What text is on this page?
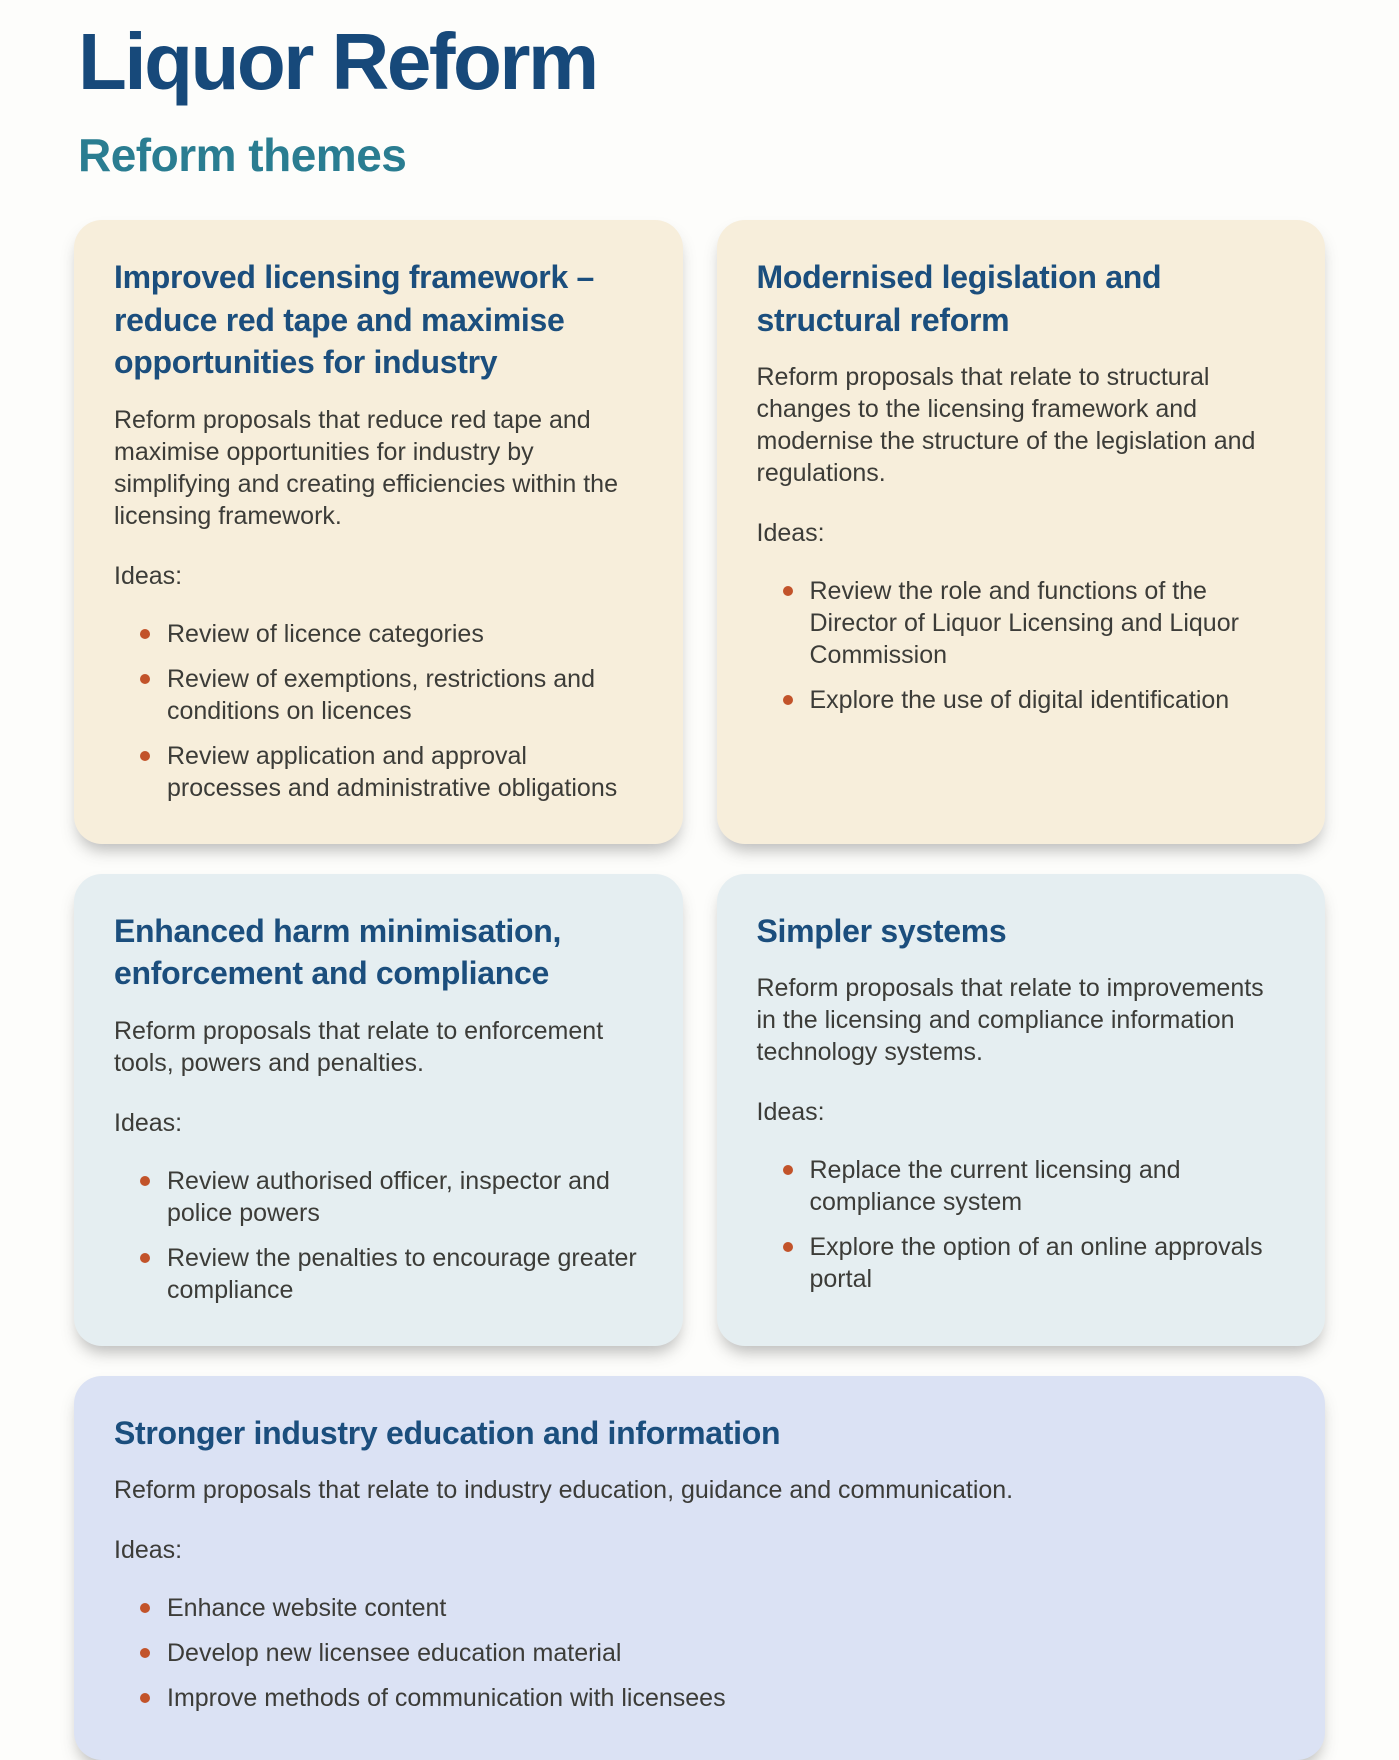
Liquor Reform
Reform themes
Improved licensing framework – reduce red tape and maximise opportunities for industry

Reform proposals that reduce red tape and maximise opportunities for industry by simplifying and creating efficiencies within the licensing framework.

Ideas:

Review of licence categories
Review of exemptions, restrictions and conditions on licences
Review application and approval processes and administrative obligations
Modernised legislation and structural reform

Reform proposals that relate to structural changes to the licensing framework and modernise the structure of the legislation and regulations.

Ideas:

Review the role and functions of the Director of Liquor Licensing and Liquor Commission
Explore the use of digital identification
Enhanced harm minimisation, enforcement and compliance

Reform proposals that relate to enforcement tools, powers and penalties.

Ideas:

Review authorised officer, inspector and police powers
Review the penalties to encourage greater compliance
Simpler systems

Reform proposals that relate to improvements in the licensing and compliance information technology systems.

Ideas:

Replace the current licensing and compliance system
Explore the option of an online approvals portal
Stronger industry education and information

Reform proposals that relate to industry education, guidance and communication.

Ideas:

Enhance website content
Develop new licensee education material
Improve methods of communication with licensees
